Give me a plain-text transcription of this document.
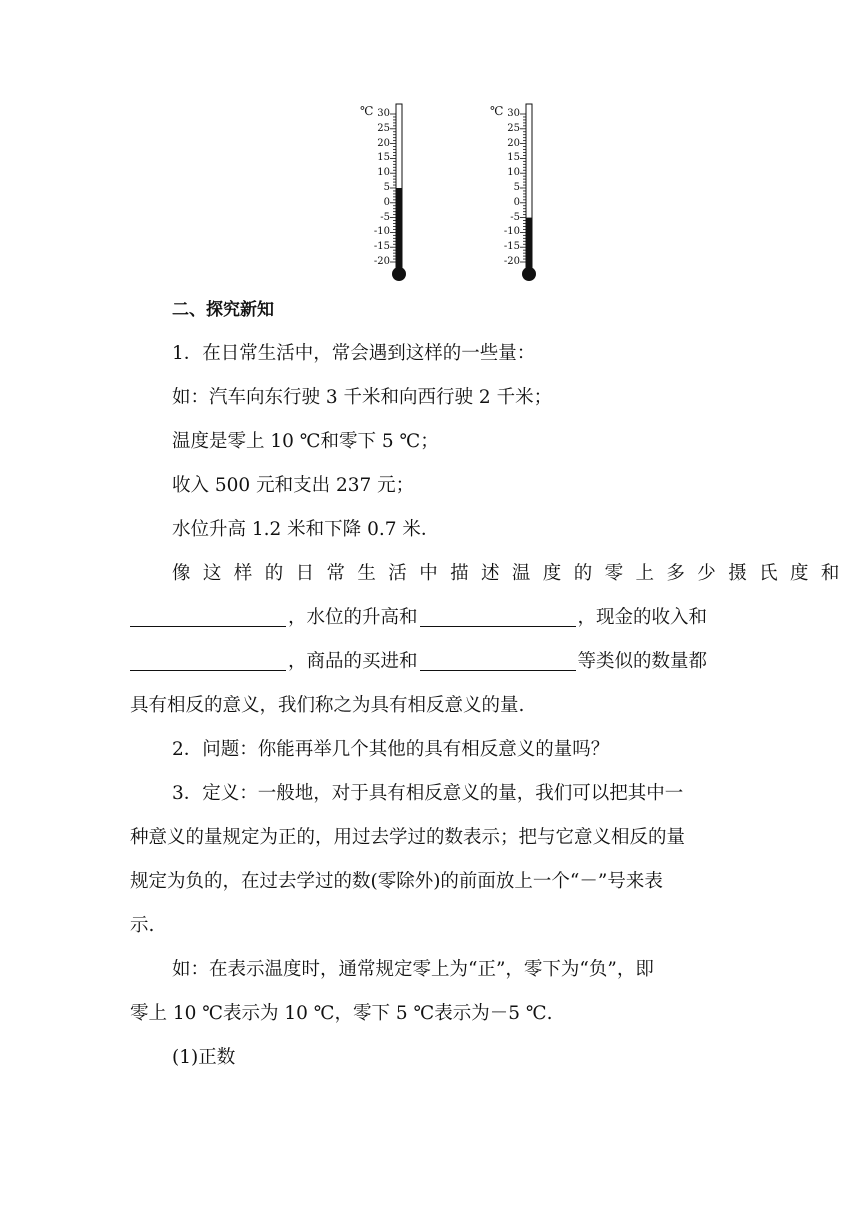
℃ 30
25
20
15
10
5
0
-5
-10
-15
-20
℃ 30
25
20
15
10
5
0
-5
-10
-15
-20
二、探究新知
1．在日常生活中，常会遇到这样的一些量：
如：汽车向东行驶 3 千米和向西行驶 2 千米；
温度是零上 10 ℃和零下 5 ℃；
收入 500 元和支出 237 元；
水位升高 1.2 米和下降 0.7 米．
像这样的日常生活中描述温度的零上多少摄氏度和
，水位的升高和	，现金的收入和
，商品的买进和	等类似的数量都
具有相反的意义，我们称之为具有相反意义的量.
2．问题：你能再举几个其他的具有相反意义的量吗？
3．定义：一般地，对于具有相反意义的量，我们可以把其中一
种意义的量规定为正的，用过去学过的数表示；把与它意义相反的量
规定为负的，在过去学过的数(零除外)的前面放上一个“－”号来表
示.
如：在表示温度时，通常规定零上为“正”，零下为“负”，即
零上 10 ℃表示为 10 ℃，零下 5 ℃表示为－5 ℃.
(1)正数
